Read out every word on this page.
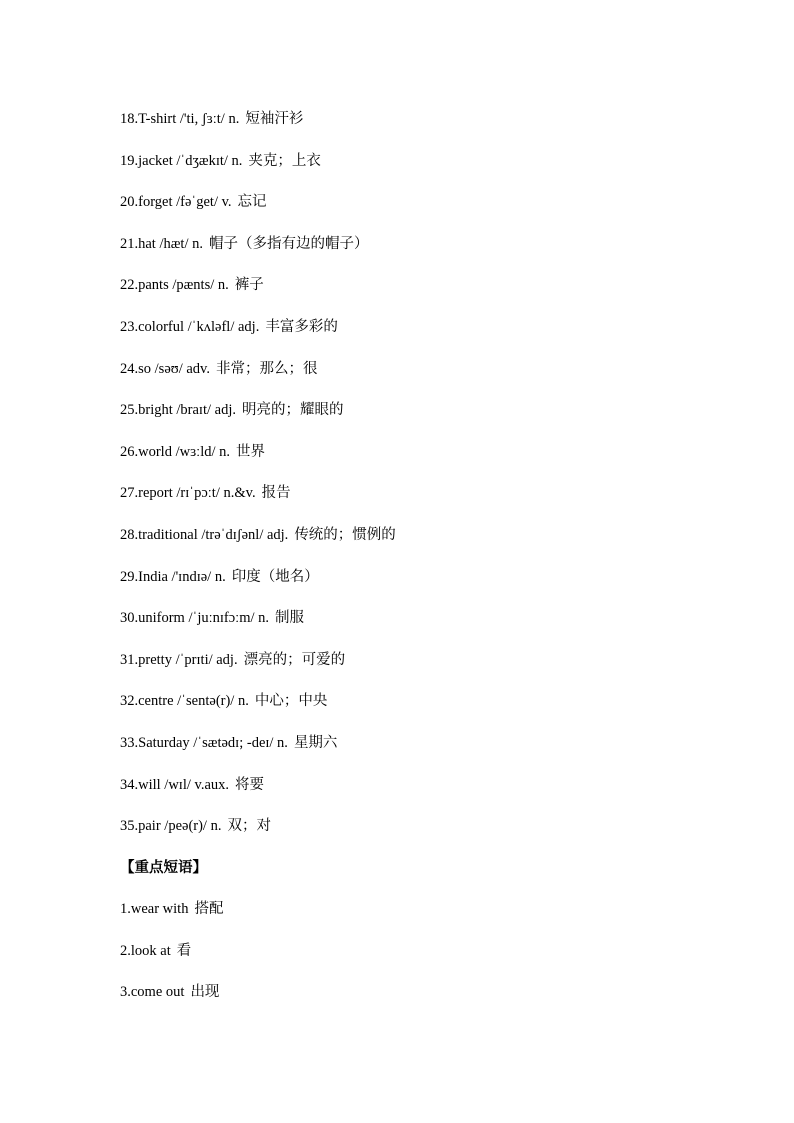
18.T-shirt /'ti, ʃɜːt/ n. 短袖汗衫
19.jacket /ˈdʒækɪt/ n. 夹克；上衣
20.forget /fəˈget/ v. 忘记
21.hat /hæt/ n. 帽子（多指有边的帽子）
22.pants /pænts/ n. 裤子
23.colorful /ˈkʌləfl/ adj. 丰富多彩的
24.so /səʊ/ adv. 非常；那么；很
25.bright /braɪt/ adj. 明亮的；耀眼的
26.world /wɜːld/ n. 世界
27.report /rɪˈpɔːt/ n.&v. 报告
28.traditional /trəˈdɪʃənl/ adj. 传统的；惯例的
29.India /'ɪndɪə/ n. 印度（地名）
30.uniform /ˈjuːnɪfɔːm/ n. 制服
31.pretty /ˈprɪti/ adj. 漂亮的；可爱的
32.centre /ˈsentə(r)/ n. 中心；中央
33.Saturday /ˈsætədɪ; -deɪ/ n. 星期六
34.will /wɪl/ v.aux. 将要
35.pair /peə(r)/ n. 双；对
【重点短语】
1.wear with 搭配
2.look at 看
3.come out 出现
